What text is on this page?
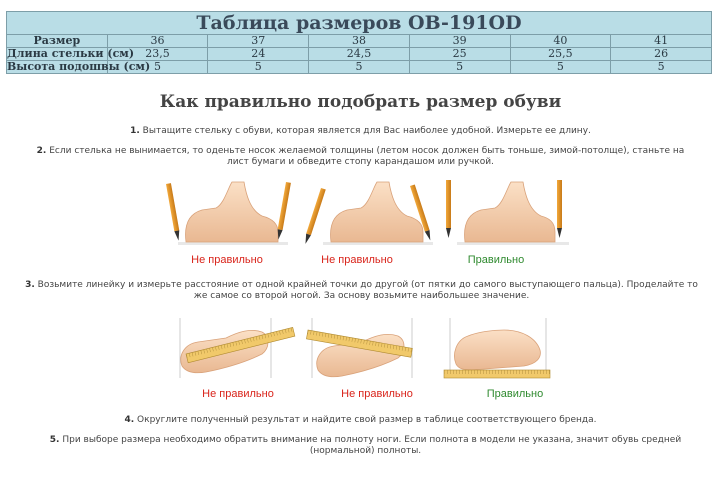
Таблица размеров OB-191OD						
Размер	36	37	38	39	40	41
Длина стельки (см)	23,5	24	24,5	25	25,5	26
Высота подошвы (см)	5	5	5	5	5	5
Как правильно подобрать размер обуви

1. Вытащите стельку с обуви, которая является для Вас наиболее удобной. Измерьте ее длину.

2. Если стелька не вынимается, то оденьте носок желаемой толщины (летом носок должен быть тоньше, зимой-потолще), станьте на лист бумаги и обведите стопу карандашом или ручкой.

Не правильно	Не правильно	Правильно

3. Возьмите линейку и измерьте расстояние от одной крайней точки до другой (от пятки до самого выступающего пальца). Проделайте то же самое со второй ногой. За основу возьмите наибольшее значение.

Не правильно	Не правильно	Правильно

4. Округлите полученный результат и найдите свой размер в таблице соответствующего бренда.

5. При выборе размера необходимо обратить внимание на полноту ноги. Если полнота в модели не указана, значит обувь средней (нормальной) полноты.
